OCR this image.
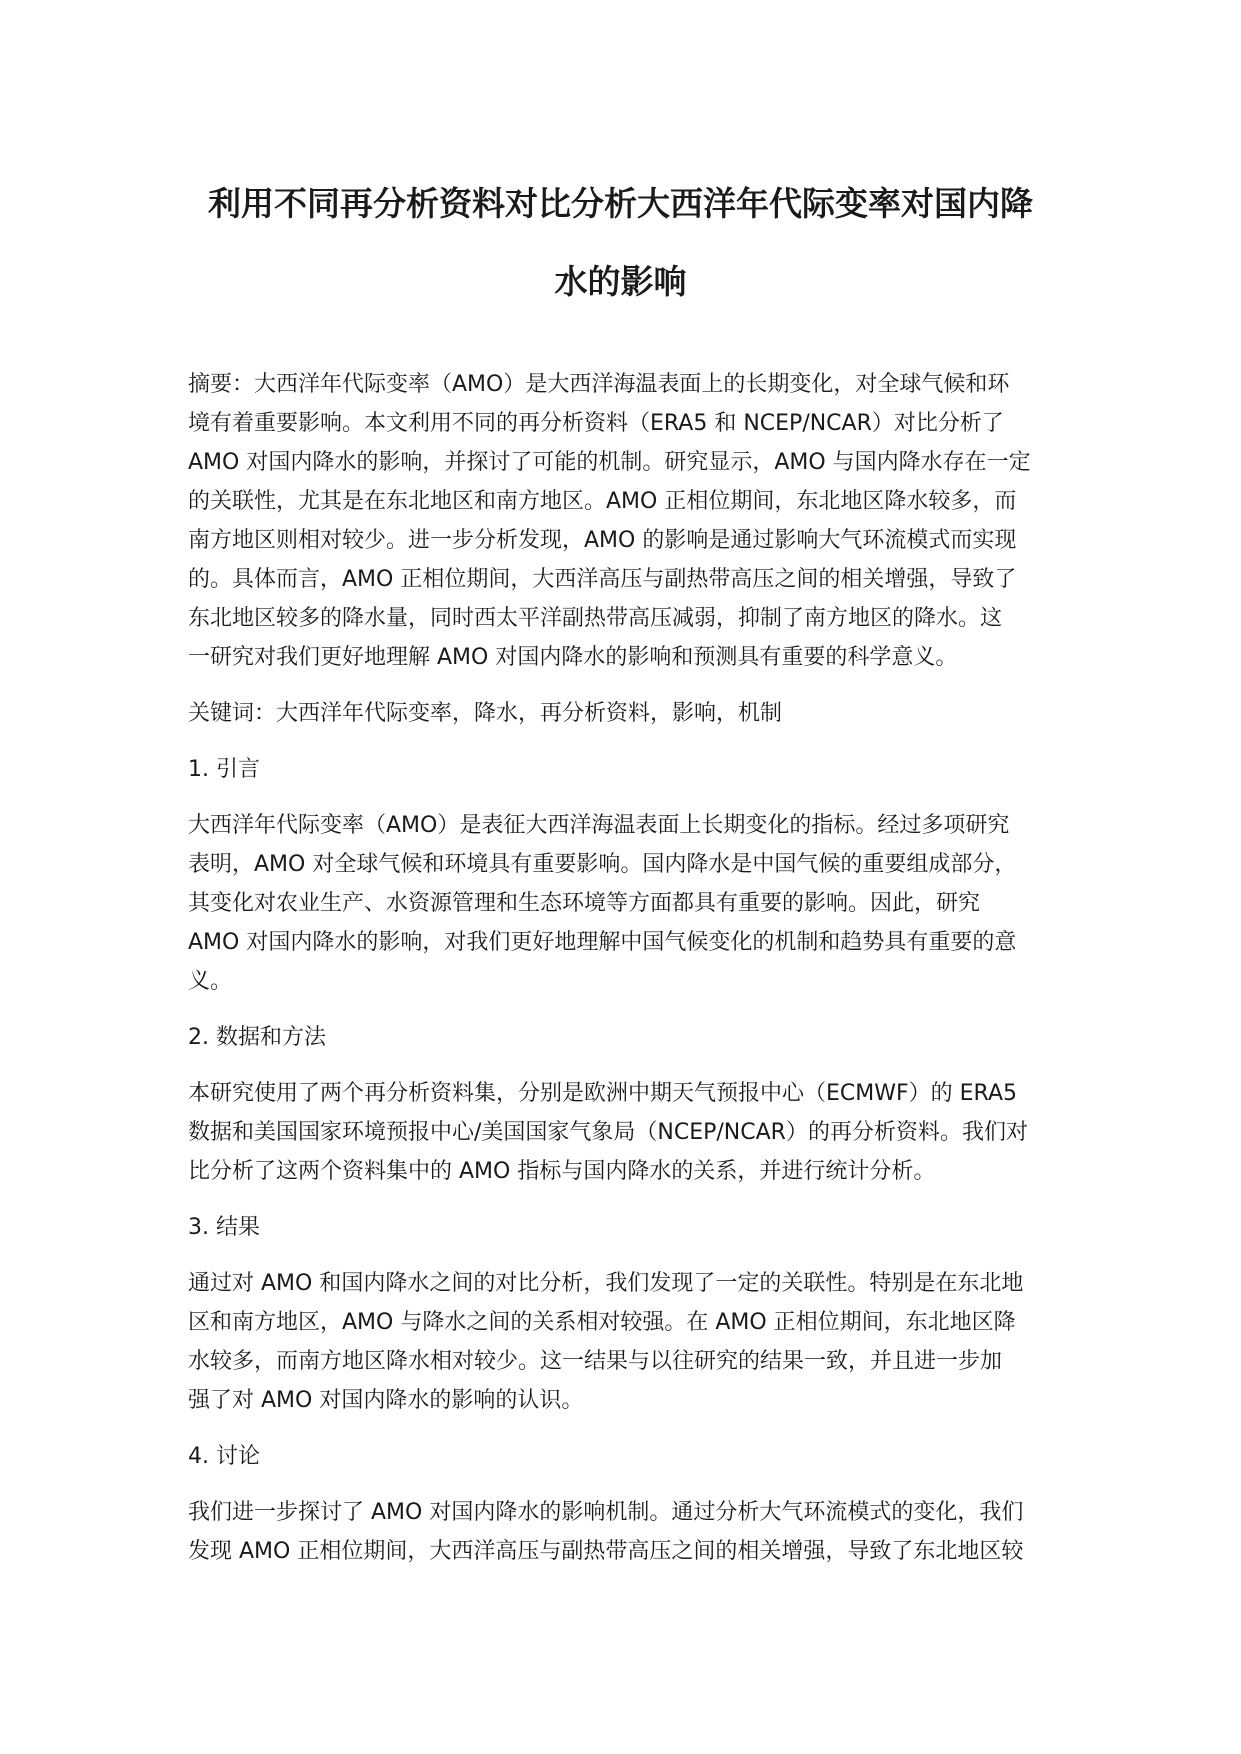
利用不同再分析资料对比分析大西洋年代际变率对国内降
水的影响

摘要：大西洋年代际变率（AMO）是大西洋海温表面上的长期变化，对全球气候和环
境有着重要影响。本文利用不同的再分析资料（ERA5 和 NCEP/NCAR）对比分析了
AMO 对国内降水的影响，并探讨了可能的机制。研究显示，AMO 与国内降水存在一定
的关联性，尤其是在东北地区和南方地区。AMO 正相位期间，东北地区降水较多，而
南方地区则相对较少。进一步分析发现，AMO 的影响是通过影响大气环流模式而实现
的。具体而言，AMO 正相位期间，大西洋高压与副热带高压之间的相关增强，导致了
东北地区较多的降水量，同时西太平洋副热带高压减弱，抑制了南方地区的降水。这
一研究对我们更好地理解 AMO 对国内降水的影响和预测具有重要的科学意义。

关键词：大西洋年代际变率，降水，再分析资料，影响，机制

1. 引言

大西洋年代际变率（AMO）是表征大西洋海温表面上长期变化的指标。经过多项研究
表明，AMO 对全球气候和环境具有重要影响。国内降水是中国气候的重要组成部分，
其变化对农业生产、水资源管理和生态环境等方面都具有重要的影响。因此，研究
AMO 对国内降水的影响，对我们更好地理解中国气候变化的机制和趋势具有重要的意
义。

2. 数据和方法

本研究使用了两个再分析资料集，分别是欧洲中期天气预报中心（ECMWF）的 ERA5
数据和美国国家环境预报中心/美国国家气象局（NCEP/NCAR）的再分析资料。我们对
比分析了这两个资料集中的 AMO 指标与国内降水的关系，并进行统计分析。

3. 结果

通过对 AMO 和国内降水之间的对比分析，我们发现了一定的关联性。特别是在东北地
区和南方地区，AMO 与降水之间的关系相对较强。在 AMO 正相位期间，东北地区降
水较多，而南方地区降水相对较少。这一结果与以往研究的结果一致，并且进一步加
强了对 AMO 对国内降水的影响的认识。

4. 讨论

我们进一步探讨了 AMO 对国内降水的影响机制。通过分析大气环流模式的变化，我们
发现 AMO 正相位期间，大西洋高压与副热带高压之间的相关增强，导致了东北地区较
